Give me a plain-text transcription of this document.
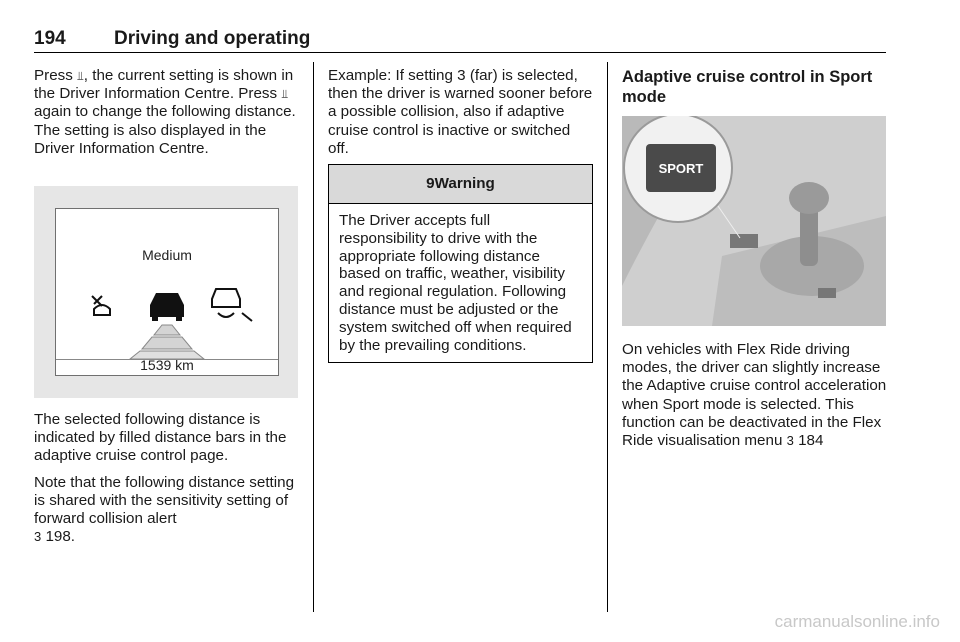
194	Driving and operating

Press ⫫, the current setting is shown in the Driver Information Centre. Press ⫫ again to change the following distance. The setting is also displayed in the Driver Information Centre.

Medium
1539 km

The selected following distance is indicated by filled distance bars in the adaptive cruise control page.

Note that the following distance setting is shared with the sensitivity setting of forward collision alert
3 198.

Example: If setting 3 (far) is selected, then the driver is warned sooner before a possible collision, also if adaptive cruise control is inactive or switched off.

9Warning
The Driver accepts full responsibility to drive with the appropriate following distance based on traffic, weather, visibility and regional regulation. Following distance must be adjusted or the system switched off when required by the prevailing conditions.
Adaptive cruise control in Sport mode
SPORT

On vehicles with Flex Ride driving modes, the driver can slightly increase the Adaptive cruise control acceleration when Sport mode is selected. This function can be deactivated in the Flex Ride visualisation menu 3 184

carmanualsonline.info
